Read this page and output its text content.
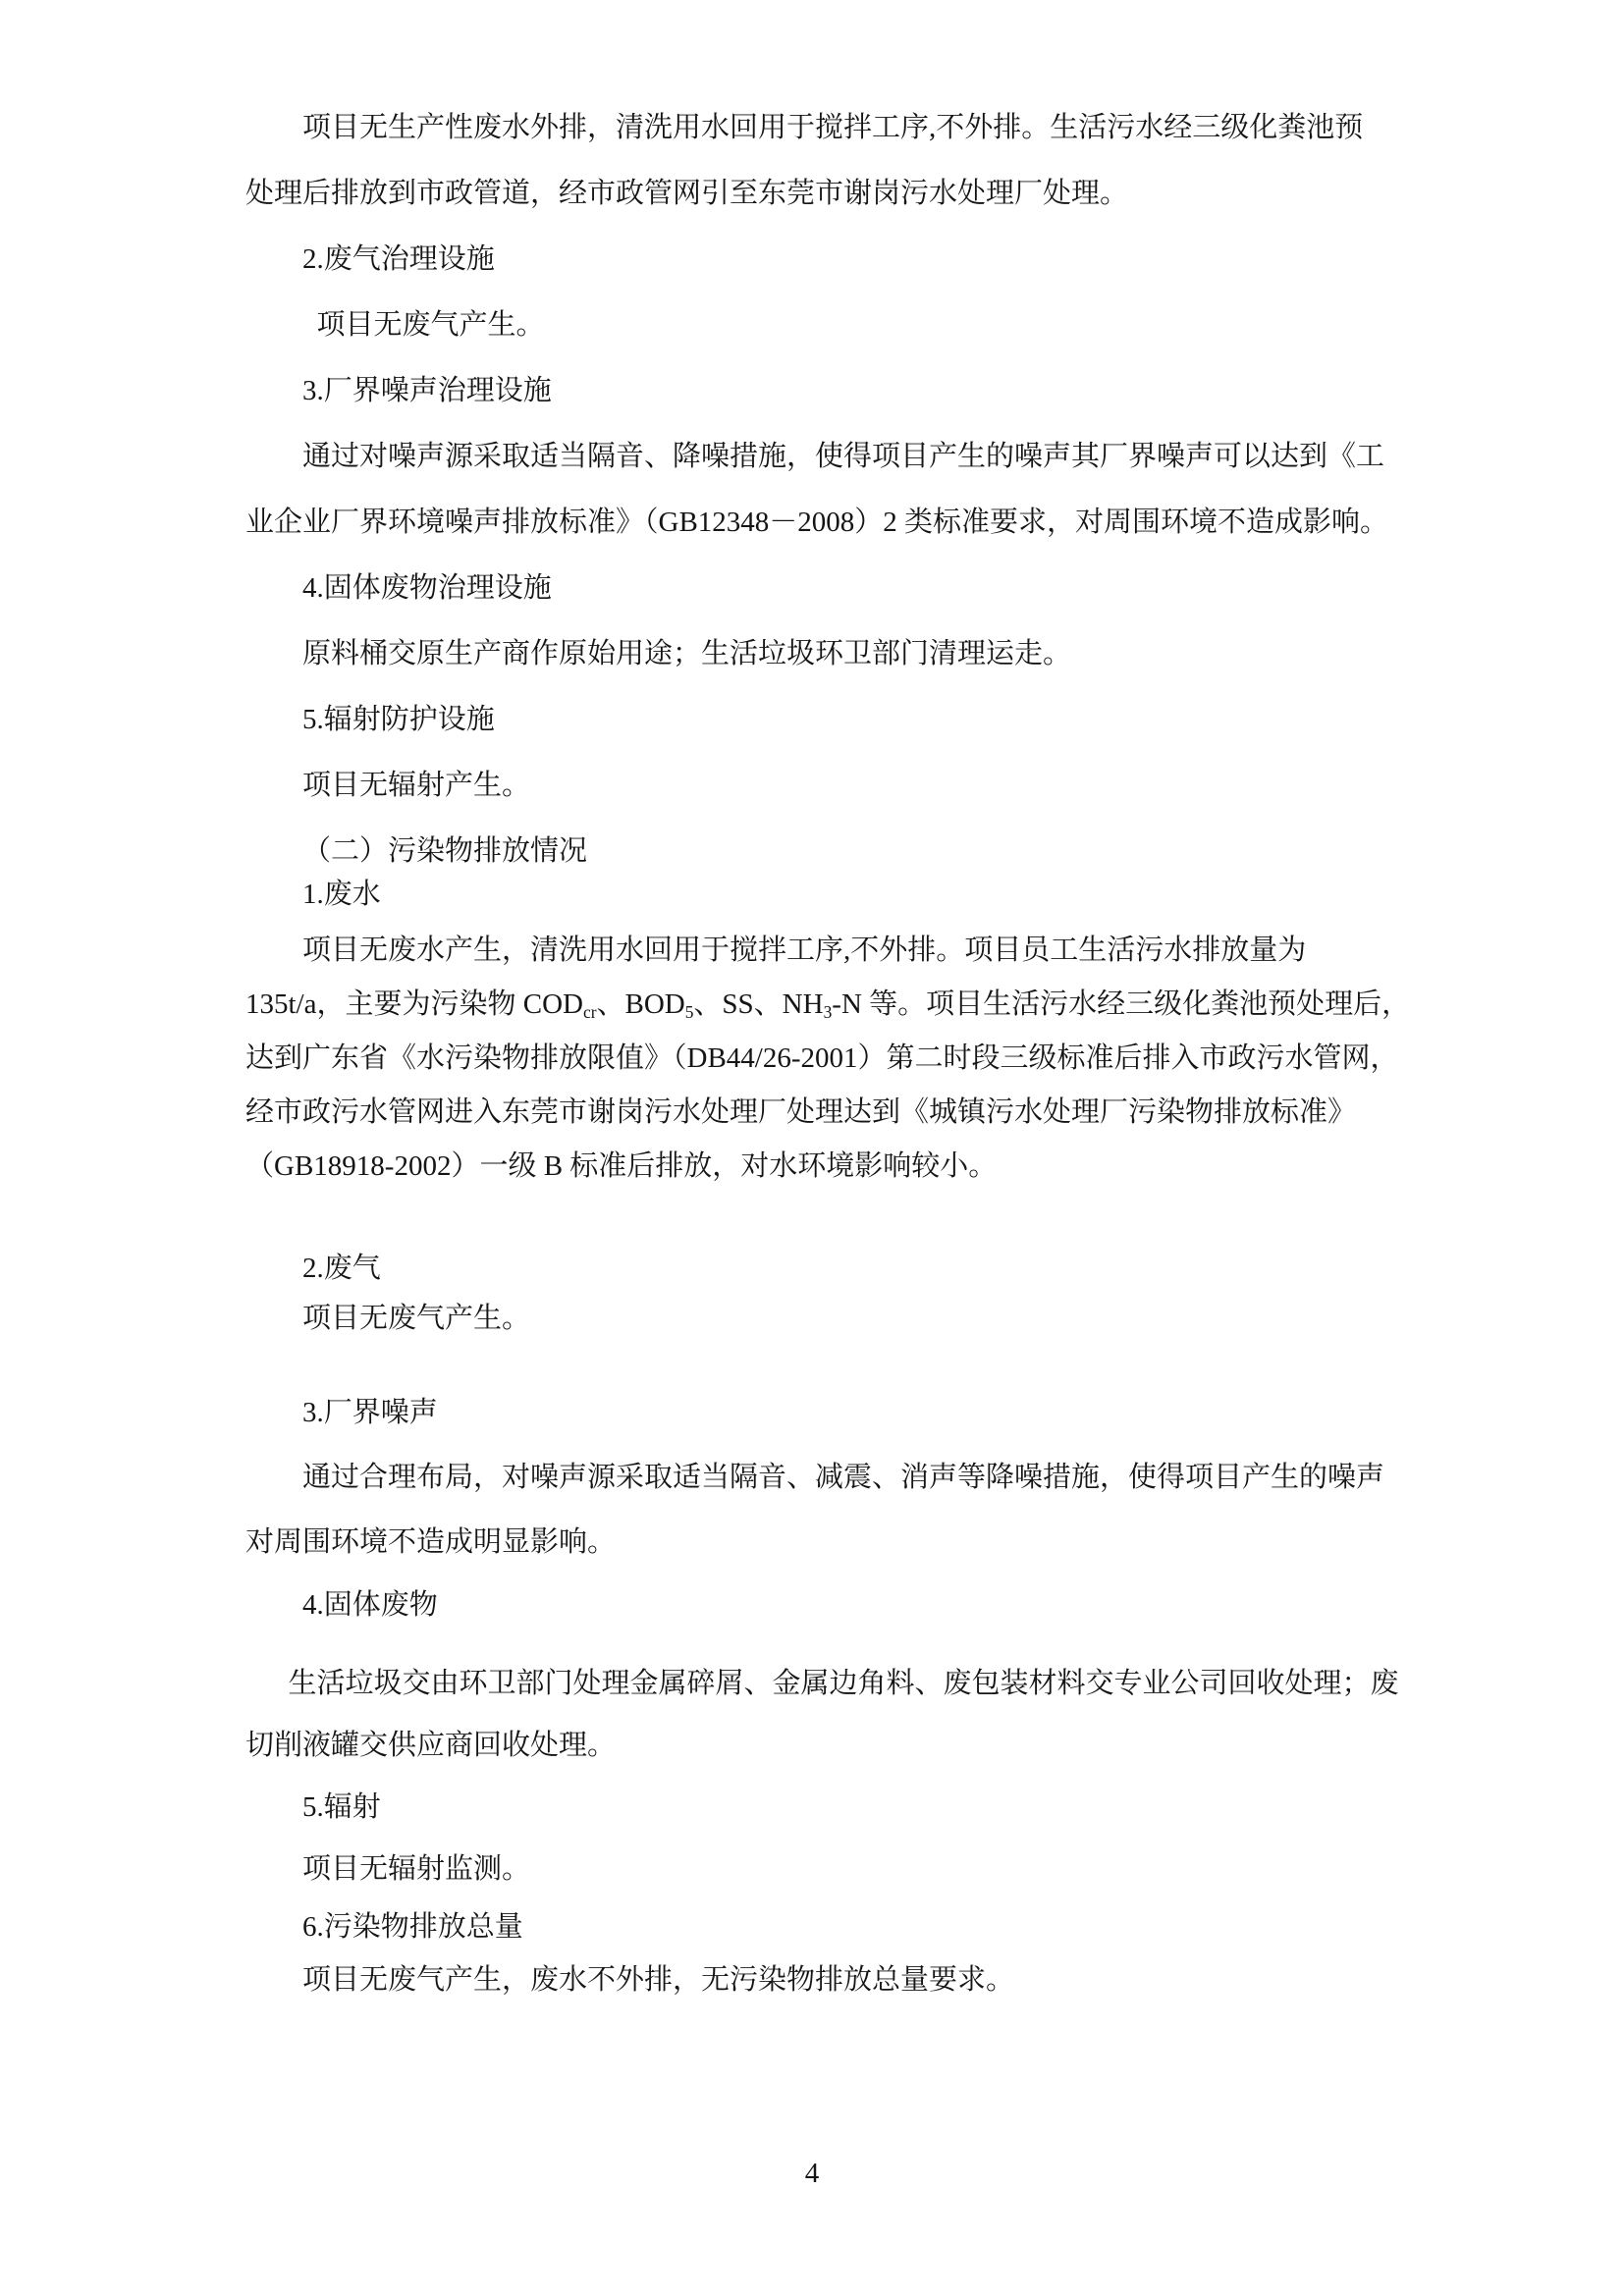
4
项目无生产性废水外排，清洗用水回用于搅拌工序,不外排。生活污水经三级化粪池预
处理后排放到市政管道，经市政管网引至东莞市谢岗污水处理厂处理。
2.废气治理设施
项目无废气产生。
3.厂界噪声治理设施
通过对噪声源采取适当隔音、降噪措施，使得项目产生的噪声其厂界噪声可以达到《工
业企业厂界环境噪声排放标准》（GB12348－2008）2 类标准要求，对周围环境不造成影响。
4.固体废物治理设施
原料桶交原生产商作原始用途；生活垃圾环卫部门清理运走。
5.辐射防护设施
项目无辐射产生。
（二）污染物排放情况
1.废水
项目无废水产生，清洗用水回用于搅拌工序,不外排。项目员工生活污水排放量为
135t/a，主要为污染物 $COD_{cr}$、$BOD_5$、SS、$NH_3-N$ 等。项目生活污水经三级化粪池预处理后，
达到广东省《水污染物排放限值》（DB44/26-2001）第二时段三级标准后排入市政污水管网，
经市政污水管网进入东莞市谢岗污水处理厂处理达到《城镇污水处理厂污染物排放标准》
（GB18918-2002）一级 B 标准后排放，对水环境影响较小。
2.废气
项目无废气产生。
3.厂界噪声
通过合理布局，对噪声源采取适当隔音、减震、消声等降噪措施，使得项目产生的噪声
对周围环境不造成明显影响。
4.固体废物
生活垃圾交由环卫部门处理金属碎屑、金属边角料、废包装材料交专业公司回收处理；废
切削液罐交供应商回收处理。
5.辐射
项目无辐射监测。
6.污染物排放总量
项目无废气产生，废水不外排，无污染物排放总量要求。
